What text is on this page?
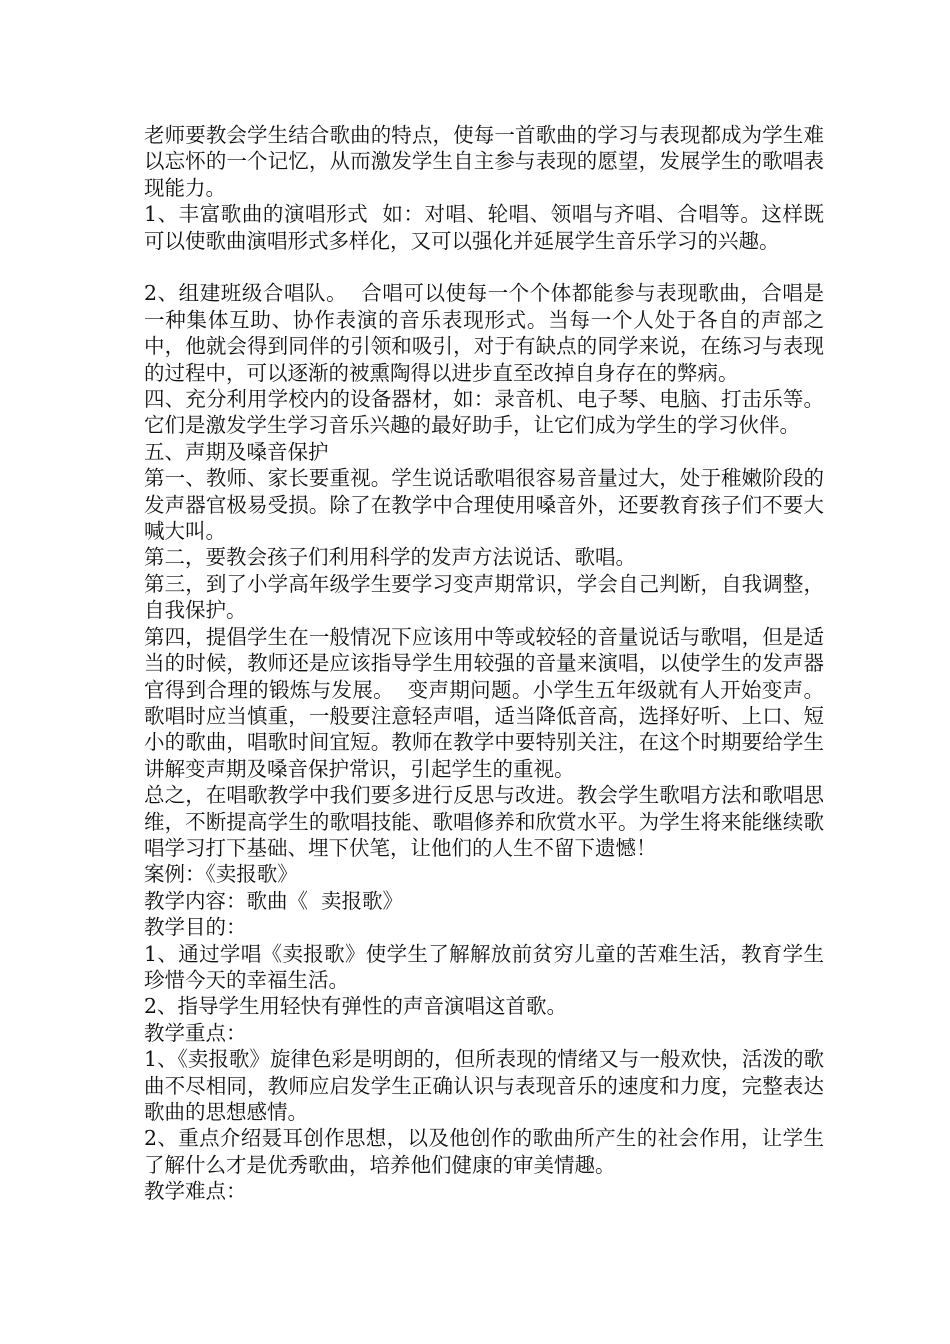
老师要教会学生结合歌曲的特点，使每一首歌曲的学习与表现都成为学生难以忘怀的一个记忆，从而激发学生自主参与表现的愿望，发展学生的歌唱表现能力。

1、丰富歌曲的演唱形式  如：对唱、轮唱、领唱与齐唱、合唱等。这样既可以使歌曲演唱形式多样化，又可以强化并延展学生音乐学习的兴趣。

2、组建班级合唱队。  合唱可以使每一个个体都能参与表现歌曲，合唱是一种集体互助、协作表演的音乐表现形式。当每一个人处于各自的声部之中，他就会得到同伴的引领和吸引，对于有缺点的同学来说，在练习与表现的过程中，可以逐渐的被熏陶得以进步直至改掉自身存在的弊病。

四、充分利用学校内的设备器材，如：录音机、电子琴、电脑、打击乐等。它们是激发学生学习音乐兴趣的最好助手，让它们成为学生的学习伙伴。

五、声期及嗓音保护

第一、教师、家长要重视。学生说话歌唱很容易音量过大，处于稚嫩阶段的发声器官极易受损。除了在教学中合理使用嗓音外，还要教育孩子们不要大喊大叫。

第二，要教会孩子们利用科学的发声方法说话、歌唱。

第三，到了小学高年级学生要学习变声期常识，学会自己判断，自我调整，自我保护。

第四，提倡学生在一般情况下应该用中等或较轻的音量说话与歌唱，但是适当的时候，教师还是应该指导学生用较强的音量来演唱，以使学生的发声器官得到合理的锻炼与发展。  变声期问题。小学生五年级就有人开始变声。歌唱时应当慎重，一般要注意轻声唱，适当降低音高，选择好听、上口、短小的歌曲，唱歌时间宜短。教师在教学中要特别关注，在这个时期要给学生讲解变声期及嗓音保护常识，引起学生的重视。

总之，在唱歌教学中我们要多进行反思与改进。教会学生歌唱方法和歌唱思维，不断提高学生的歌唱技能、歌唱修养和欣赏水平。为学生将来能继续歌唱学习打下基础、埋下伏笔，让他们的人生不留下遗憾！

案例：《卖报歌》

教学内容：歌曲《  卖报歌》

教学目的：

1、通过学唱《卖报歌》使学生了解解放前贫穷儿童的苦难生活，教育学生珍惜今天的幸福生活。

2、指导学生用轻快有弹性的声音演唱这首歌。

教学重点：

1、《卖报歌》旋律色彩是明朗的，但所表现的情绪又与一般欢快，活泼的歌曲不尽相同，教师应启发学生正确认识与表现音乐的速度和力度，完整表达歌曲的思想感情。

2、重点介绍聂耳创作思想，以及他创作的歌曲所产生的社会作用，让学生了解什么才是优秀歌曲，培养他们健康的审美情趣。

教学难点：
